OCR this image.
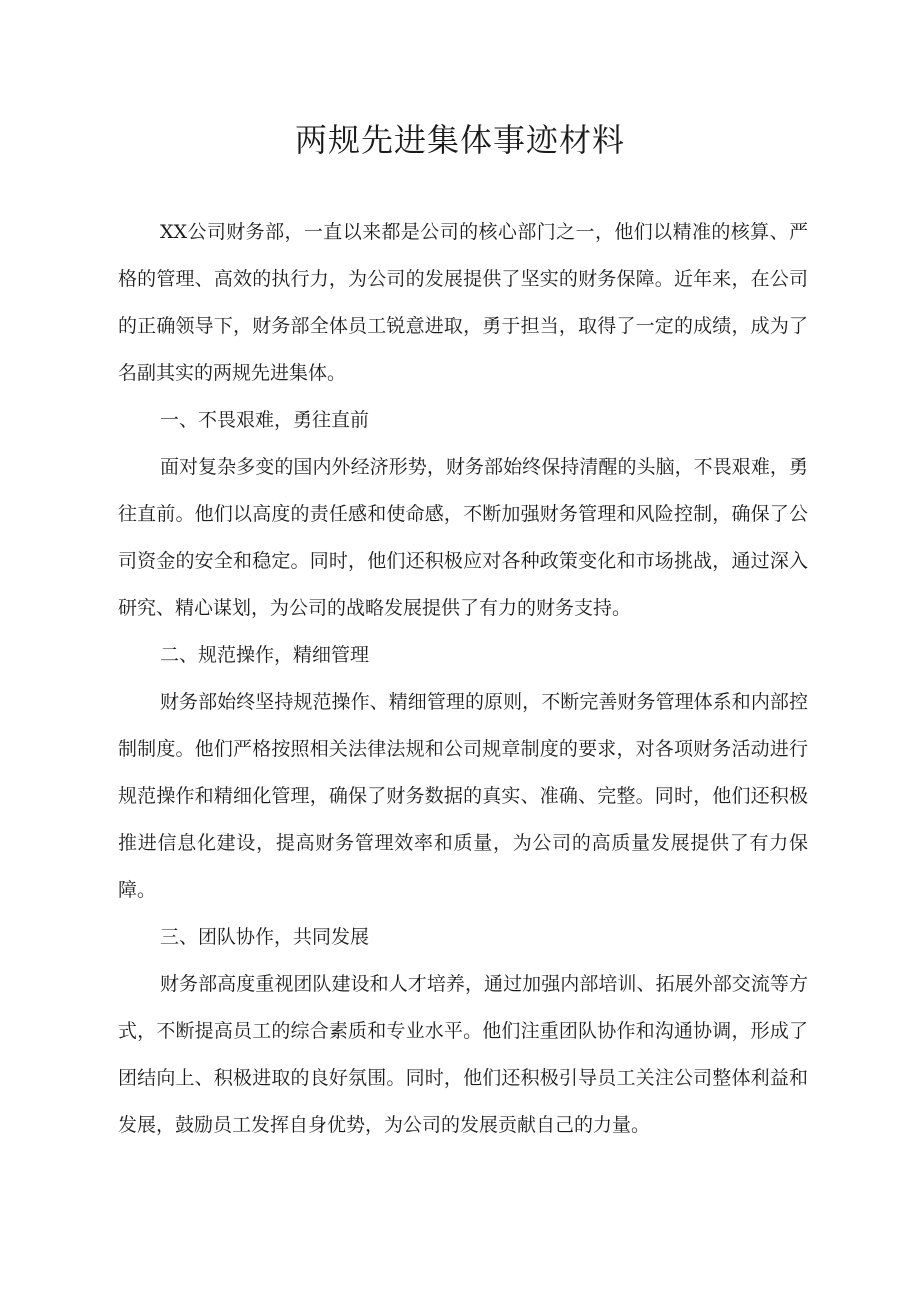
两规先进集体事迹材料

XX公司财务部，一直以来都是公司的核心部门之一，他们以精准的核算、严格的管理、高效的执行力，为公司的发展提供了坚实的财务保障。近年来，在公司的正确领导下，财务部全体员工锐意进取，勇于担当，取得了一定的成绩，成为了名副其实的两规先进集体。

一、不畏艰难，勇往直前

面对复杂多变的国内外经济形势，财务部始终保持清醒的头脑，不畏艰难，勇往直前。他们以高度的责任感和使命感，不断加强财务管理和风险控制，确保了公司资金的安全和稳定。同时，他们还积极应对各种政策变化和市场挑战，通过深入研究、精心谋划，为公司的战略发展提供了有力的财务支持。

二、规范操作，精细管理

财务部始终坚持规范操作、精细管理的原则，不断完善财务管理体系和内部控制制度。他们严格按照相关法律法规和公司规章制度的要求，对各项财务活动进行规范操作和精细化管理，确保了财务数据的真实、准确、完整。同时，他们还积极推进信息化建设，提高财务管理效率和质量，为公司的高质量发展提供了有力保障。

三、团队协作，共同发展

财务部高度重视团队建设和人才培养，通过加强内部培训、拓展外部交流等方式，不断提高员工的综合素质和专业水平。他们注重团队协作和沟通协调，形成了团结向上、积极进取的良好氛围。同时，他们还积极引导员工关注公司整体利益和发展，鼓励员工发挥自身优势，为公司的发展贡献自己的力量。
